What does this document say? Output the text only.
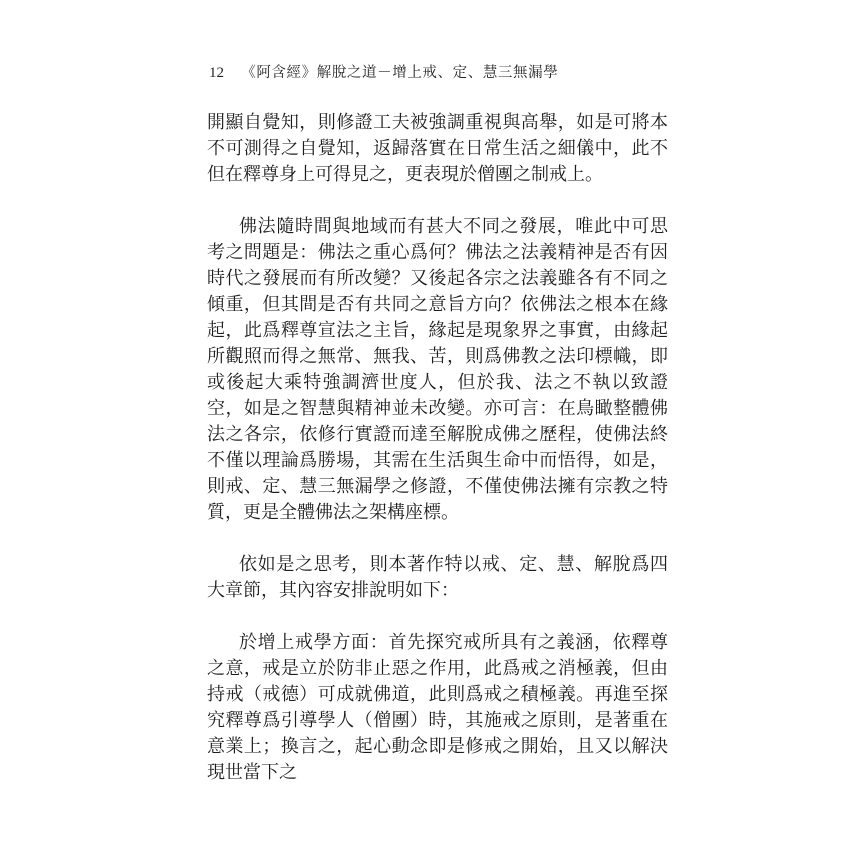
12 《阿含經》解脫之道－增上戒、定、慧三無漏學

開顯自覺知，則修證工夫被強調重視與高舉，如是可將本不可測得之自覺知，返歸落實在日常生活之細儀中，此不但在釋尊身上可得見之，更表現於僧團之制戒上。

佛法隨時間與地域而有甚大不同之發展，唯此中可思考之問題是：佛法之重心爲何？佛法之法義精神是否有因時代之發展而有所改變？又後起各宗之法義雖各有不同之傾重，但其間是否有共同之意旨方向？依佛法之根本在緣起，此爲釋尊宣法之主旨，緣起是現象界之事實，由緣起所觀照而得之無常、無我、苦，則爲佛教之法印標幟，即或後起大乘特強調濟世度人，但於我、法之不執以致證空，如是之智慧與精神並未改變。亦可言：在鳥瞰整體佛法之各宗，依修行實證而達至解脫成佛之歷程，使佛法終不僅以理論爲勝場，其需在生活與生命中而悟得，如是，則戒、定、慧三無漏學之修證，不僅使佛法擁有宗教之特質，更是全體佛法之架構座標。

依如是之思考，則本著作特以戒、定、慧、解脫爲四大章節，其內容安排說明如下：

於增上戒學方面：首先探究戒所具有之義涵，依釋尊之意，戒是立於防非止惡之作用，此爲戒之消極義，但由持戒（戒德）可成就佛道，此則爲戒之積極義。再進至探究釋尊爲引導學人（僧團）時，其施戒之原則，是著重在意業上；換言之，起心動念即是修戒之開始，且又以解決現世當下之
